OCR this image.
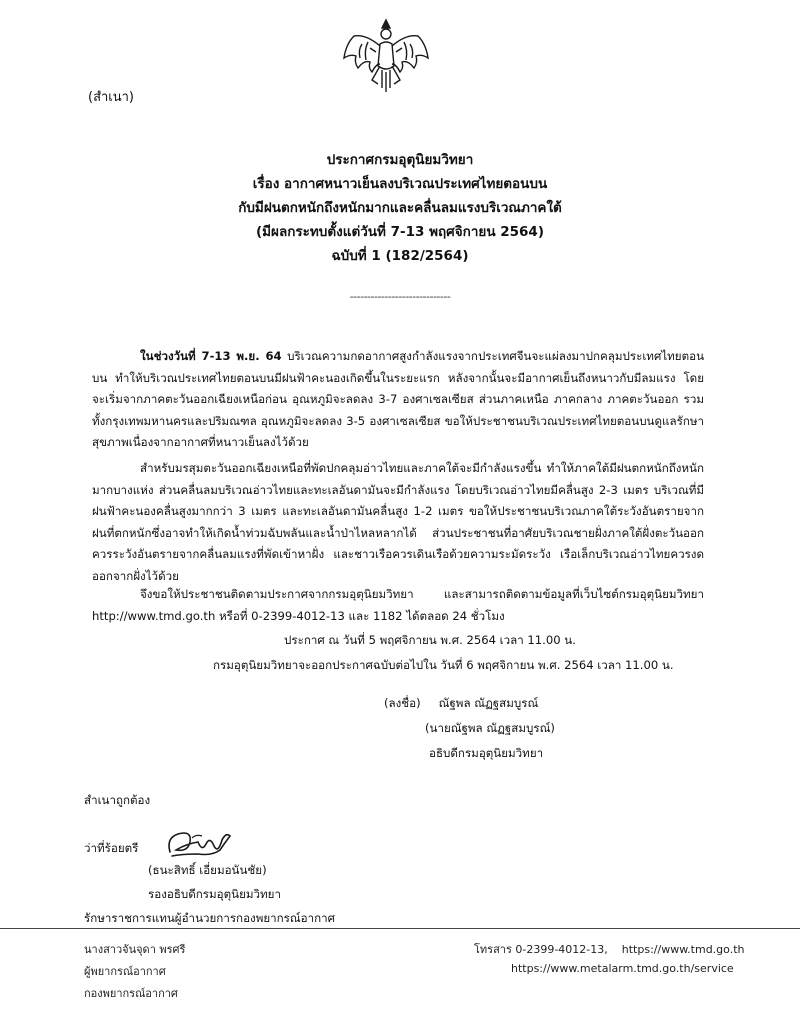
(สำเนา)
ประกาศกรมอุตุนิยมวิทยา
เรื่อง อากาศหนาวเย็นลงบริเวณประเทศไทยตอนบน
กับมีฝนตกหนักถึงหนักมากและคลื่นลมแรงบริเวณภาคใต้
(มีผลกระทบตั้งแต่วันที่ 7-13 พฤศจิกายน 2564)
ฉบับที่ 1 (182/2564)
-----------------------------
ในช่วงวันที่ 7-13 พ.ย. 64 บริเวณความกดอากาศสูงกำลังแรงจากประเทศจีนจะแผ่ลงมาปกคลุมประเทศไทยตอนบน ทำให้บริเวณประเทศไทยตอนบนมีฝนฟ้าคะนองเกิดขึ้นในระยะแรก หลังจากนั้นจะมีอากาศเย็นถึงหนาวกับมีลมแรง โดยจะเริ่มจากภาคตะวันออกเฉียงเหนือก่อน อุณหภูมิจะลดลง 3-7 องศาเซลเซียส ส่วนภาคเหนือ ภาคกลาง ภาคตะวันออก รวมทั้งกรุงเทพมหานครและปริมณฑล อุณหภูมิจะลดลง 3-5 องศาเซลเซียส ขอให้ประชาชนบริเวณประเทศไทยตอนบนดูแลรักษาสุขภาพเนื่องจากอากาศที่หนาวเย็นลงไว้ด้วย
สำหรับมรสุมตะวันออกเฉียงเหนือที่พัดปกคลุมอ่าวไทยและภาคใต้จะมีกำลังแรงขึ้น ทำให้ภาคใต้มีฝนตกหนักถึงหนักมากบางแห่ง ส่วนคลื่นลมบริเวณอ่าวไทยและทะเลอันดามันจะมีกำลังแรง โดยบริเวณอ่าวไทยมีคลื่นสูง 2-3 เมตร บริเวณที่มีฝนฟ้าคะนองคลื่นสูงมากกว่า 3 เมตร และทะเลอันดามันคลื่นสูง 1-2 เมตร ขอให้ประชาชนบริเวณภาคใต้ระวังอันตรายจากฝนที่ตกหนักซึ่งอาจทำให้เกิดน้ำท่วมฉับพลันและน้ำป่าไหลหลากได้ ส่วนประชาชนที่อาศัยบริเวณชายฝั่งภาคใต้ฝั่งตะวันออก ควรระวังอันตรายจากคลื่นลมแรงที่พัดเข้าหาฝั่ง และชาวเรือควรเดินเรือด้วยความระมัดระวัง เรือเล็กบริเวณอ่าวไทยควรงดออกจากฝั่งไว้ด้วย
จึงขอให้ประชาชนติดตามประกาศจากกรมอุตุนิยมวิทยา และสามารถติดตามข้อมูลที่เว็บไซต์กรมอุตุนิยมวิทยา http://www.tmd.go.th หรือที่ 0-2399-4012-13 และ 1182 ได้ตลอด 24 ชั่วโมง
ประกาศ ณ วันที่ 5 พฤศจิกายน พ.ศ. 2564 เวลา 11.00 น.
กรมอุตุนิยมวิทยาจะออกประกาศฉบับต่อไปใน วันที่ 6 พฤศจิกายน พ.ศ. 2564 เวลา 11.00 น.
(ลงชื่อ) ณัฐพล ณัฏฐสมบูรณ์
(นายณัฐพล ณัฏฐสมบูรณ์)
อธิบดีกรมอุตุนิยมวิทยา
สำเนาถูกต้อง
ว่าที่ร้อยตรี
(ธนะสิทธิ์ เอี่ยมอนันชัย)
รองอธิบดีกรมอุตุนิยมวิทยา
รักษาราชการแทนผู้อำนวยการกองพยากรณ์อากาศ
นางสาวจันจุดา พรศรี
ผู้พยากรณ์อากาศ
กองพยากรณ์อากาศ
โทรสาร 0-2399-4012-13, https://www.tmd.go.th
https://www.metalarm.tmd.go.th/service
